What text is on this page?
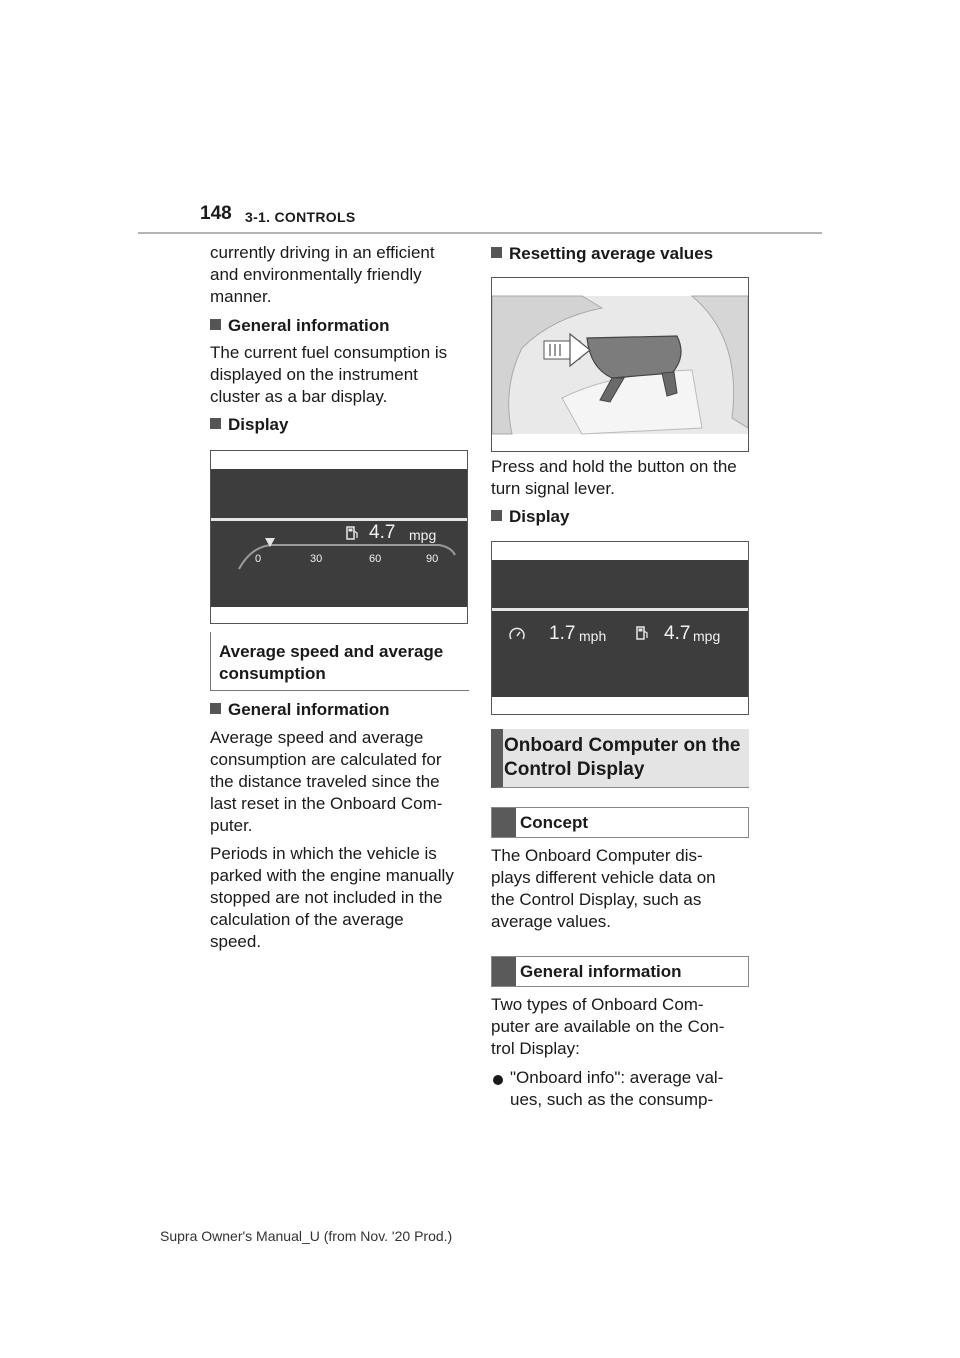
148 3-1. CONTROLS

currently driving in an efficient

and environmentally friendly

manner.

General information

The current fuel consumption is

displayed on the instrument

cluster as a bar display.

Display
4.7 mpg
0	30	60	90
Average speed and average
consumption
General information

Average speed and average

consumption are calculated for

the distance traveled since the

last reset in the Onboard Com-

puter.

Periods in which the vehicle is

parked with the engine manually

stopped are not included in the

calculation of the average

speed.

Resetting average values

Press and hold the button on the

turn signal lever.

Display
1.7 mph	4.7 mpg
Onboard Computer on the
Control Display
Concept

The Onboard Computer dis-

plays different vehicle data on

the Control Display, such as

average values.

General information

Two types of Onboard Com-

puter are available on the Con-

trol Display:

"Onboard info": average val-

ues, such as the consump-

Supra Owner's Manual_U (from Nov. '20 Prod.)
